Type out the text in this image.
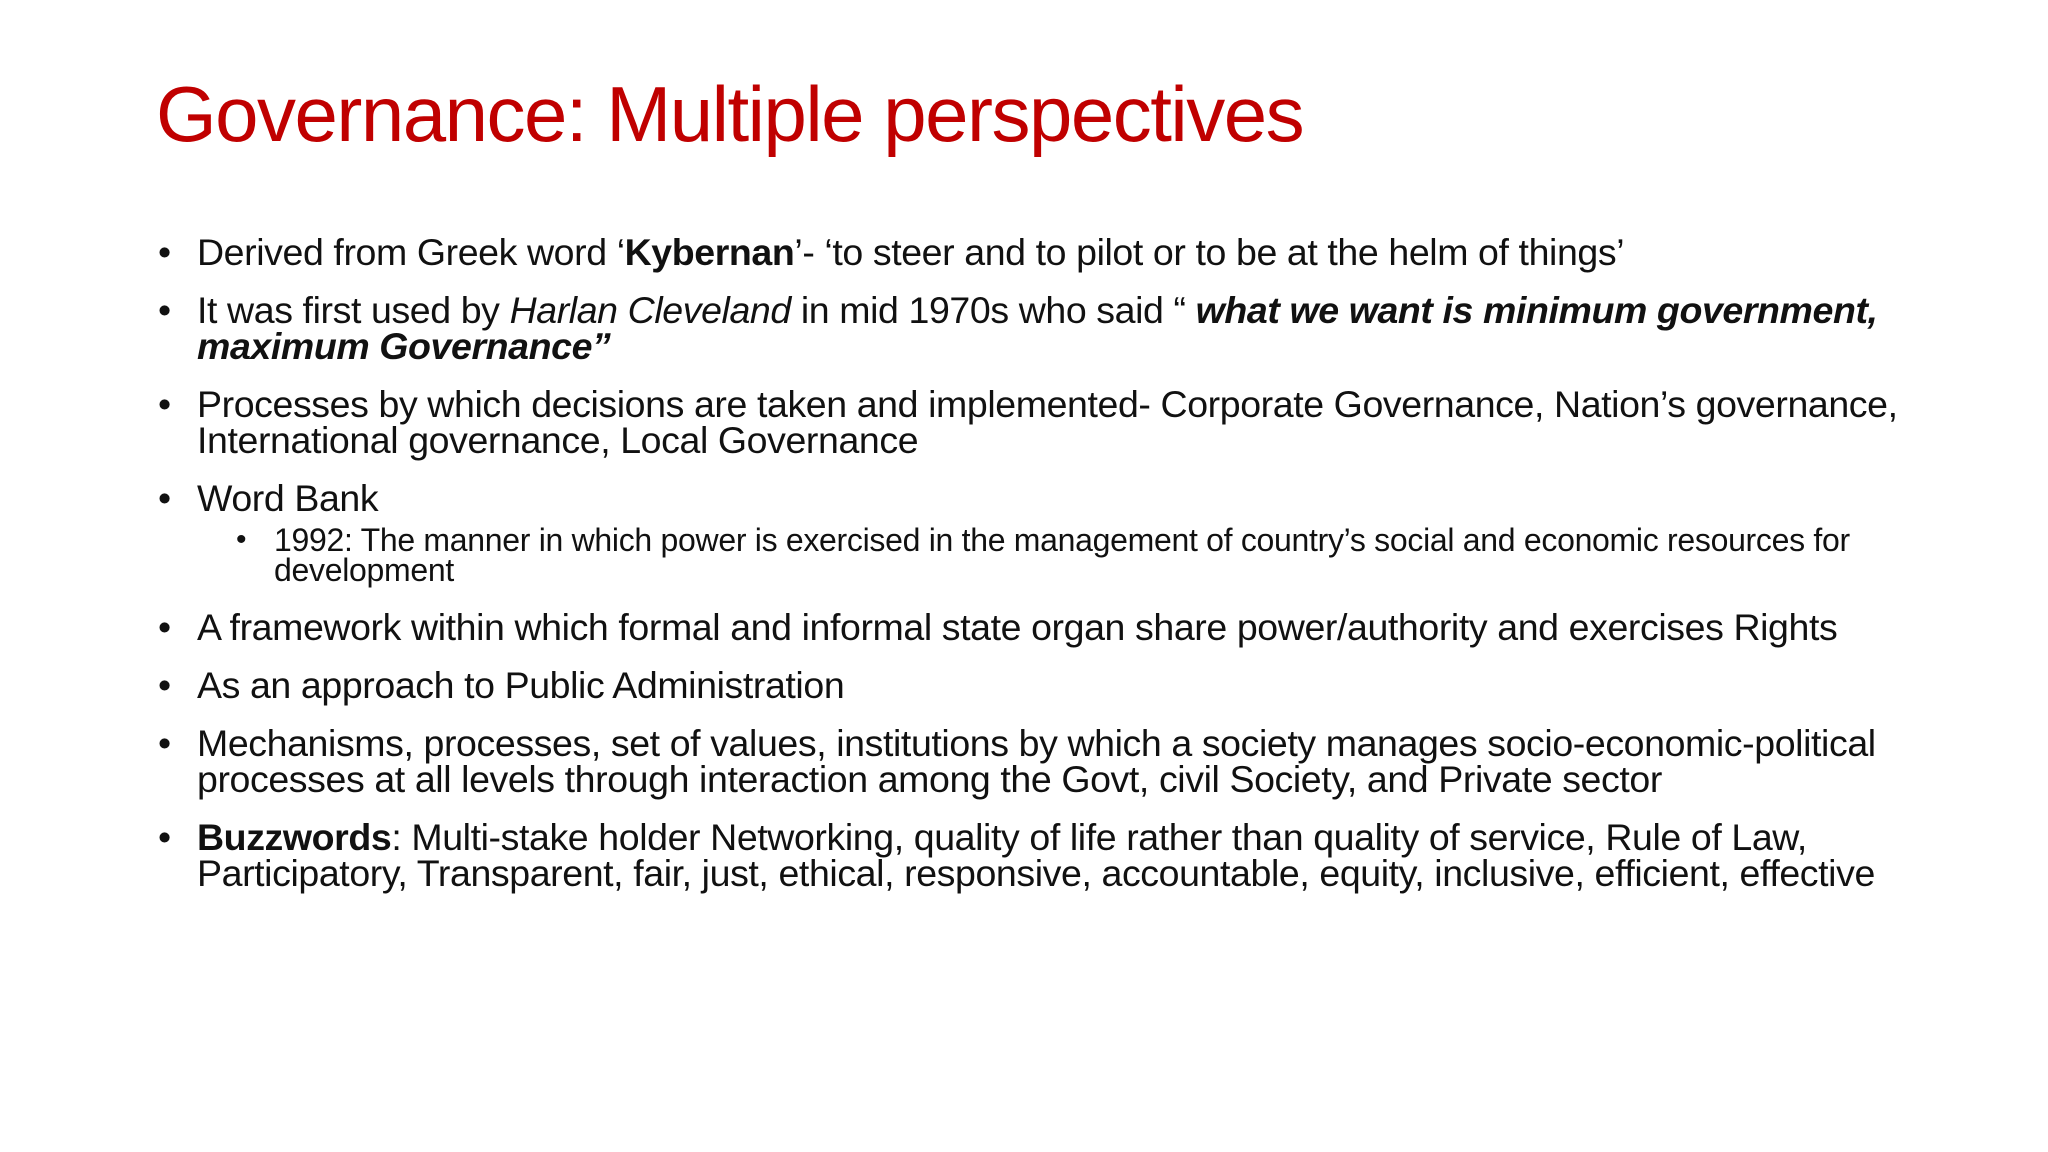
Governance: Multiple perspectives
• Derived from Greek word ‘Kybernan’- ‘to steer and to pilot or to be at the helm of things’
• It was first used by Harlan Cleveland in mid 1970s who said “ what we want is minimum government, maximum Governance”
• Processes by which decisions are taken and implemented- Corporate Governance, Nation’s governance, International governance, Local Governance
• Word Bank
• 1992: The manner in which power is exercised in the management of country’s social and economic resources for development
• A framework within which formal and informal state organ share power/authority and exercises Rights
• As an approach to Public Administration
• Mechanisms, processes, set of values, institutions by which a society manages socio-economic-political processes at all levels through interaction among the Govt, civil Society, and Private sector
• Buzzwords: Multi-stake holder Networking, quality of life rather than quality of service, Rule of Law, Participatory, Transparent, fair, just, ethical, responsive, accountable, equity, inclusive, efficient, effective
